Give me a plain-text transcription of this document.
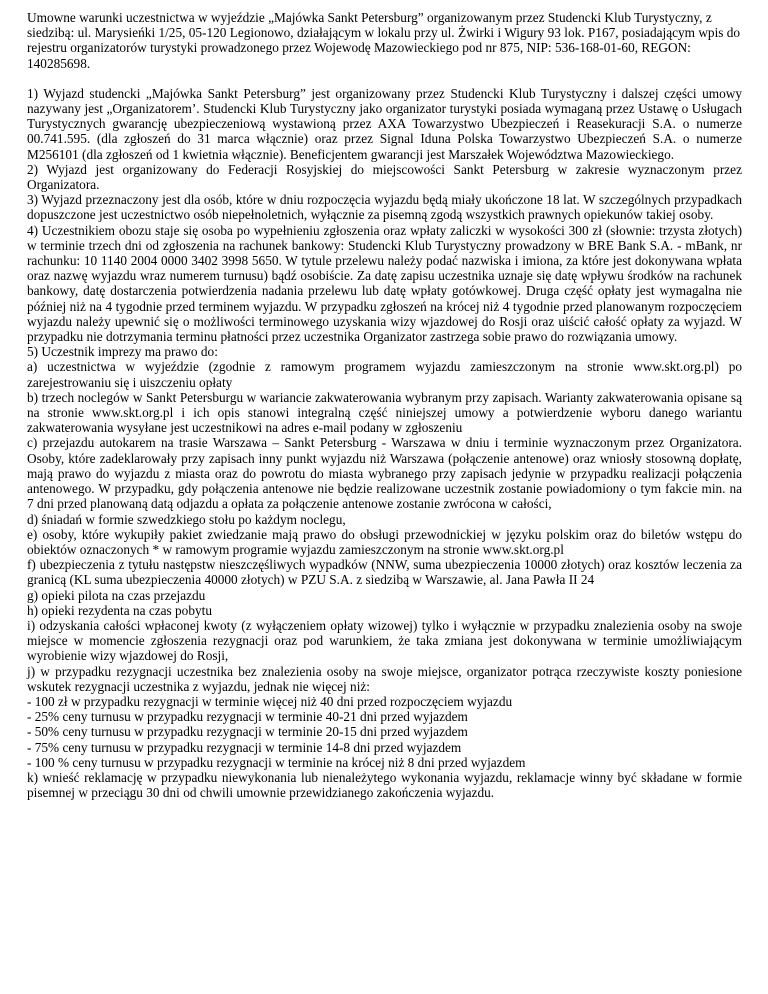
Umowne warunki uczestnictwa w wyjeździe „Majówka Sankt Petersburg” organizowanym przez Studencki Klub Turystyczny, z siedzibą: ul. Marysieńki 1/25, 05-120 Legionowo, działającym w lokalu przy ul. Żwirki i Wigury 93 lok. P167, posiadającym wpis do rejestru organizatorów turystyki prowadzonego przez Wojewodę Mazowieckiego pod nr 875, NIP: 536-168-01-60, REGON: 140285698.

1) Wyjazd studencki „Majówka Sankt Petersburg” jest organizowany przez Studencki Klub Turystyczny i dalszej części umowy nazywany jest „Organizatorem’. Studencki Klub Turystyczny jako organizator turystyki posiada wymaganą przez Ustawę o Usługach Turystycznych gwarancję ubezpieczeniową wystawioną przez AXA Towarzystwo Ubezpieczeń i Reasekuracji S.A. o numerze 00.741.595. (dla zgłoszeń do 31 marca włącznie) oraz przez Signal Iduna Polska Towarzystwo Ubezpieczeń S.A. o numerze M256101 (dla zgłoszeń od 1 kwietnia włącznie). Beneficjentem gwarancji jest Marszałek Województwa Mazowieckiego.

2) Wyjazd jest organizowany do Federacji Rosyjskiej do miejscowości Sankt Petersburg w zakresie wyznaczonym przez Organizatora.

3) Wyjazd przeznaczony jest dla osób, które w dniu rozpoczęcia wyjazdu będą miały ukończone 18 lat. W szczególnych przypadkach dopuszczone jest uczestnictwo osób niepełnoletnich, wyłącznie za pisemną zgodą wszystkich prawnych opiekunów takiej osoby.

4) Uczestnikiem obozu staje się osoba po wypełnieniu zgłoszenia oraz wpłaty zaliczki w wysokości 300 zł (słownie: trzysta złotych) w terminie trzech dni od zgłoszenia na rachunek bankowy: Studencki Klub Turystyczny prowadzony w BRE Bank S.A. - mBank, nr rachunku: 10 1140 2004 0000 3402 3998 5650. W tytule przelewu należy podać nazwiska i imiona, za które jest dokonywana wpłata oraz nazwę wyjazdu wraz numerem turnusu) bądź osobiście. Za datę zapisu uczestnika uznaje się datę wpływu środków na rachunek bankowy, datę dostarczenia potwierdzenia nadania przelewu lub datę wpłaty gotówkowej. Druga część opłaty jest wymagalna nie później niż na 4 tygodnie przed terminem wyjazdu. W przypadku zgłoszeń na krócej niż 4 tygodnie przed planowanym rozpoczęciem wyjazdu należy upewnić się o możliwości terminowego uzyskania wizy wjazdowej do Rosji oraz uiścić całość opłaty za wyjazd. W przypadku nie dotrzymania terminu płatności przez uczestnika Organizator zastrzega sobie prawo do rozwiązania umowy.

5) Uczestnik imprezy ma prawo do:

a) uczestnictwa w wyjeździe (zgodnie z ramowym programem wyjazdu zamieszczonym na stronie www.skt.org.pl) po zarejestrowaniu się i uiszczeniu opłaty

b) trzech noclegów w Sankt Petersburgu w wariancie zakwaterowania wybranym przy zapisach. Warianty zakwaterowania opisane są na stronie www.skt.org.pl i ich opis stanowi integralną część niniejszej umowy a potwierdzenie wyboru danego wariantu zakwaterowania wysyłane jest uczestnikowi na adres e-mail podany w zgłoszeniu

c) przejazdu autokarem na trasie Warszawa – Sankt Petersburg - Warszawa w dniu i terminie wyznaczonym przez Organizatora. Osoby, które zadeklarowały przy zapisach inny punkt wyjazdu niż Warszawa (połączenie antenowe) oraz wniosły stosowną dopłatę, mają prawo do wyjazdu z miasta oraz do powrotu do miasta wybranego przy zapisach jedynie w przypadku realizacji połączenia antenowego. W przypadku, gdy połączenia antenowe nie będzie realizowane uczestnik zostanie powiadomiony o tym fakcie min. na 7 dni przed planowaną datą odjazdu a opłata za połączenie antenowe zostanie zwrócona w całości,

d) śniadań w formie szwedzkiego stołu po każdym noclegu,

e) osoby, które wykupiły pakiet zwiedzanie mają prawo do obsługi przewodnickiej w języku polskim oraz do biletów wstępu do obiektów oznaczonych * w ramowym programie wyjazdu zamieszczonym na stronie www.skt.org.pl

f) ubezpieczenia z tytułu następstw nieszczęśliwych wypadków (NNW, suma ubezpieczenia 10000 złotych) oraz kosztów leczenia za granicą (KL suma ubezpieczenia 40000 złotych) w PZU S.A. z siedzibą w Warszawie, al. Jana Pawła II 24

g) opieki pilota na czas przejazdu

h) opieki rezydenta na czas pobytu

i) odzyskania całości wpłaconej kwoty (z wyłączeniem opłaty wizowej) tylko i wyłącznie w przypadku znalezienia osoby na swoje miejsce w momencie zgłoszenia rezygnacji oraz pod warunkiem, że taka zmiana jest dokonywana w terminie umożliwiającym wyrobienie wizy wjazdowej do Rosji,

j) w przypadku rezygnacji uczestnika bez znalezienia osoby na swoje miejsce, organizator potrąca rzeczywiste koszty poniesione wskutek rezygnacji uczestnika z wyjazdu, jednak nie więcej niż:

- 100 zł w przypadku rezygnacji w terminie więcej niż 40 dni przed rozpoczęciem wyjazdu

- 25% ceny turnusu w przypadku rezygnacji w terminie 40-21 dni przed wyjazdem

- 50% ceny turnusu w przypadku rezygnacji w terminie 20-15 dni przed wyjazdem

- 75% ceny turnusu w przypadku rezygnacji w terminie 14-8 dni przed wyjazdem

- 100 % ceny turnusu w przypadku rezygnacji w terminie na krócej niż 8 dni przed wyjazdem

k) wnieść reklamację w przypadku niewykonania lub nienależytego wykonania wyjazdu, reklamacje winny być składane w formie pisemnej w przeciągu 30 dni od chwili umownie przewidzianego zakończenia wyjazdu.
